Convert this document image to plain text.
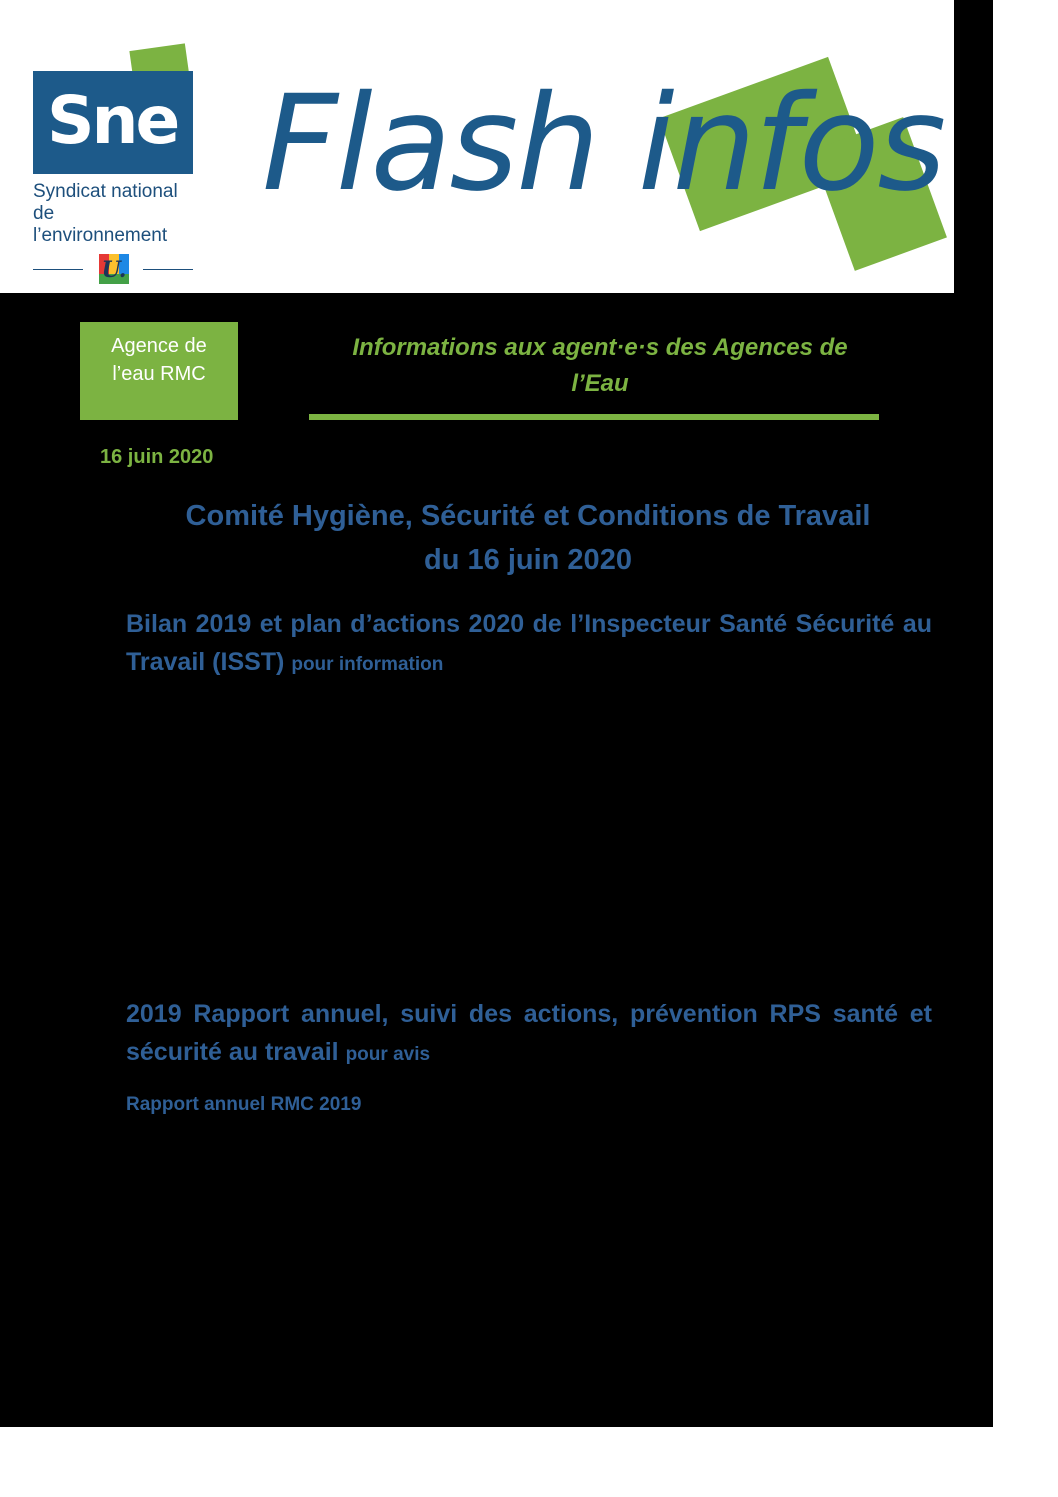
Sne
Syndicat national de
l’environnement
U.
Flash infos
Agence de
l’eau RMC
Informations aux agent·e·s des Agences de
l’Eau
16 juin 2020
Comité Hygiène, Sécurité et Conditions de Travail
du 16 juin 2020
Bilan 2019 et plan d’actions 2020 de l’Inspecteur Santé Sécurité au Travail (ISST) pour information
2019 Rapport annuel, suivi des actions, prévention RPS santé et sécurité au travail pour avis
Rapport annuel RMC 2019
